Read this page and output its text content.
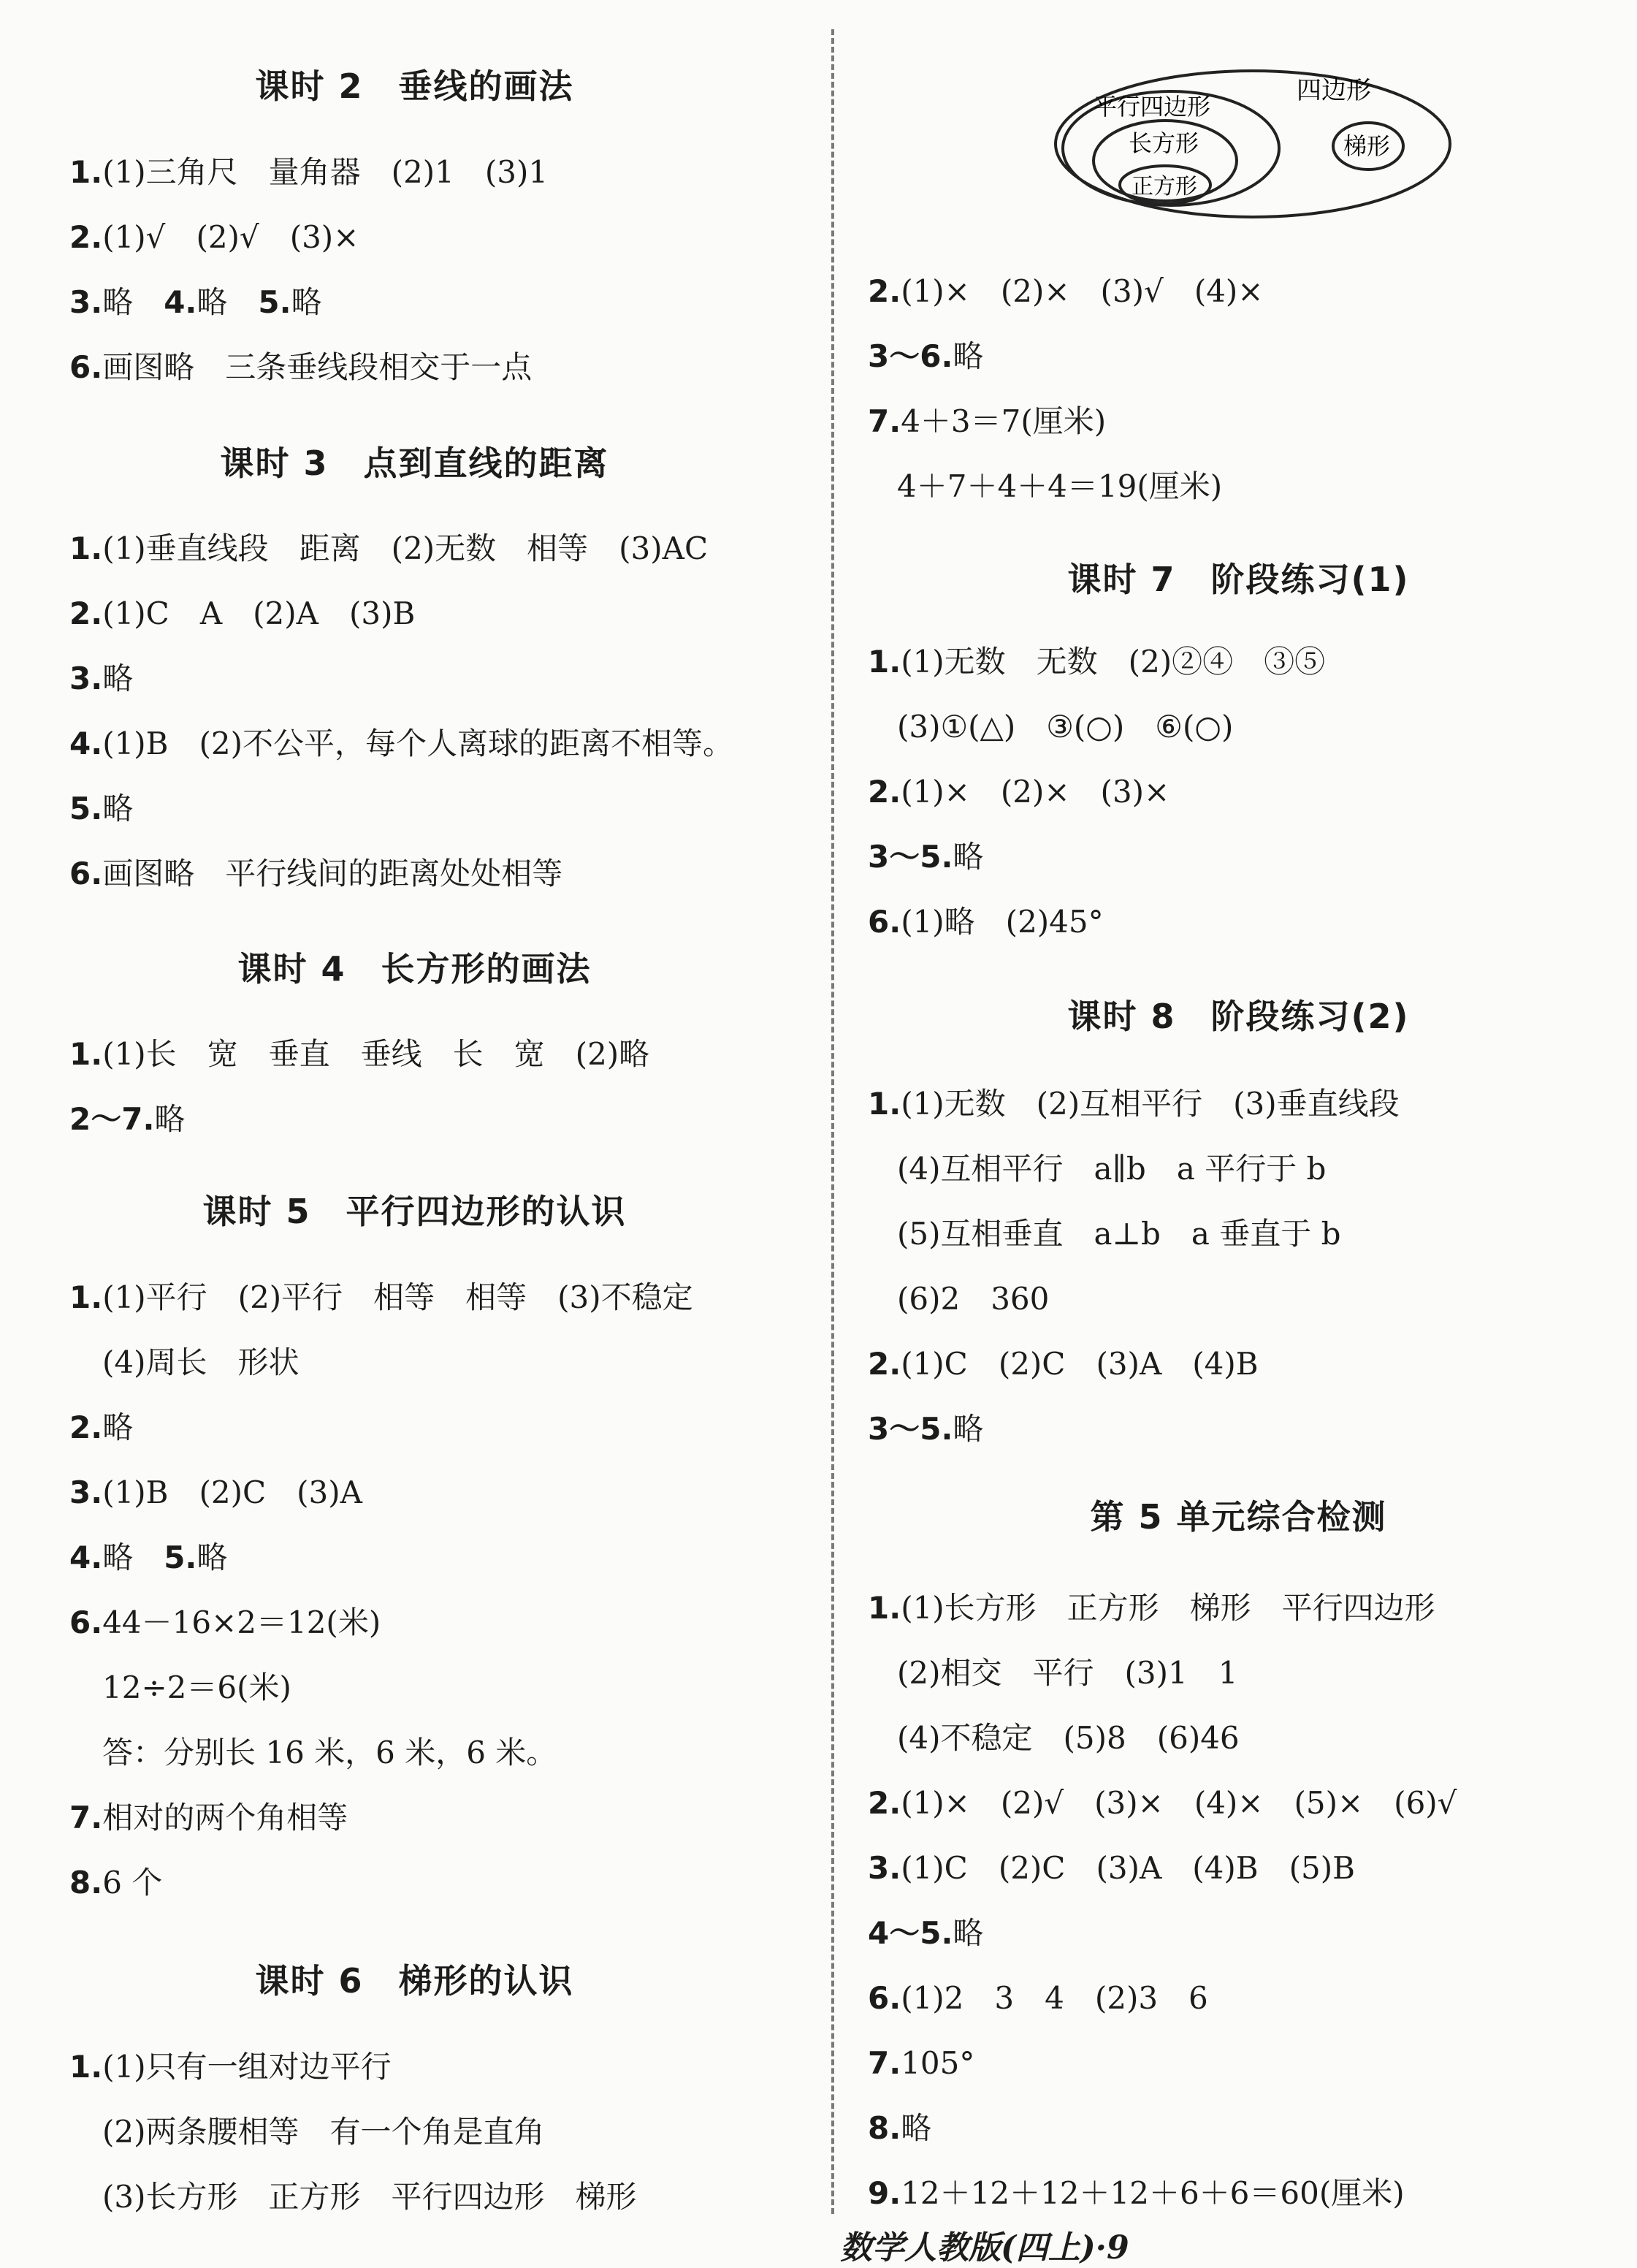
课时 2　垂线的画法
1.(1)三角尺　量角器　(2)1　(3)1
2.(1)√　(2)√　(3)×
3.略　4.略　5.略
6.画图略　三条垂线段相交于一点
课时 3　点到直线的距离
1.(1)垂直线段　距离　(2)无数　相等　(3)AC
2.(1)C　A　(2)A　(3)B
3.略
4.(1)B　(2)不公平，每个人离球的距离不相等。
5.略
6.画图略　平行线间的距离处处相等
课时 4　长方形的画法
1.(1)长　宽　垂直　垂线　长　宽　(2)略
2～7.略
课时 5　平行四边形的认识
1.(1)平行　(2)平行　相等　相等　(3)不稳定
(4)周长　形状
2.略
3.(1)B　(2)C　(3)A
4.略　5.略
6.44－16×2＝12(米)
12÷2＝6(米)
答：分别长 16 米，6 米，6 米。
7.相对的两个角相等
8.6 个
课时 6　梯形的认识
1.(1)只有一组对边平行
(2)两条腰相等　有一个角是直角
(3)长方形　正方形　平行四边形　梯形
四边形
平行四边形
长方形
正方形
梯形
2.(1)×　(2)×　(3)√　(4)×
3～6.略
7.4＋3＝7(厘米)
4＋7＋4＋4＝19(厘米)
课时 7　阶段练习(1)
1.(1)无数　无数　(2)②④　③⑤
(3)①(△)　③(○)　⑥(○)
2.(1)×　(2)×　(3)×
3～5.略
6.(1)略　(2)45°
课时 8　阶段练习(2)
1.(1)无数　(2)互相平行　(3)垂直线段
(4)互相平行　a∥b　a 平行于 b
(5)互相垂直　a⊥b　a 垂直于 b
(6)2　360
2.(1)C　(2)C　(3)A　(4)B
3～5.略
第 5 单元综合检测
1.(1)长方形　正方形　梯形　平行四边形
(2)相交　平行　(3)1　1
(4)不稳定　(5)8　(6)46
2.(1)×　(2)√　(3)×　(4)×　(5)×　(6)√
3.(1)C　(2)C　(3)A　(4)B　(5)B
4～5.略
6.(1)2　3　4　(2)3　6
7.105°
8.略
9.12＋12＋12＋12＋6＋6＝60(厘米)
数学人教版(四上)·9
